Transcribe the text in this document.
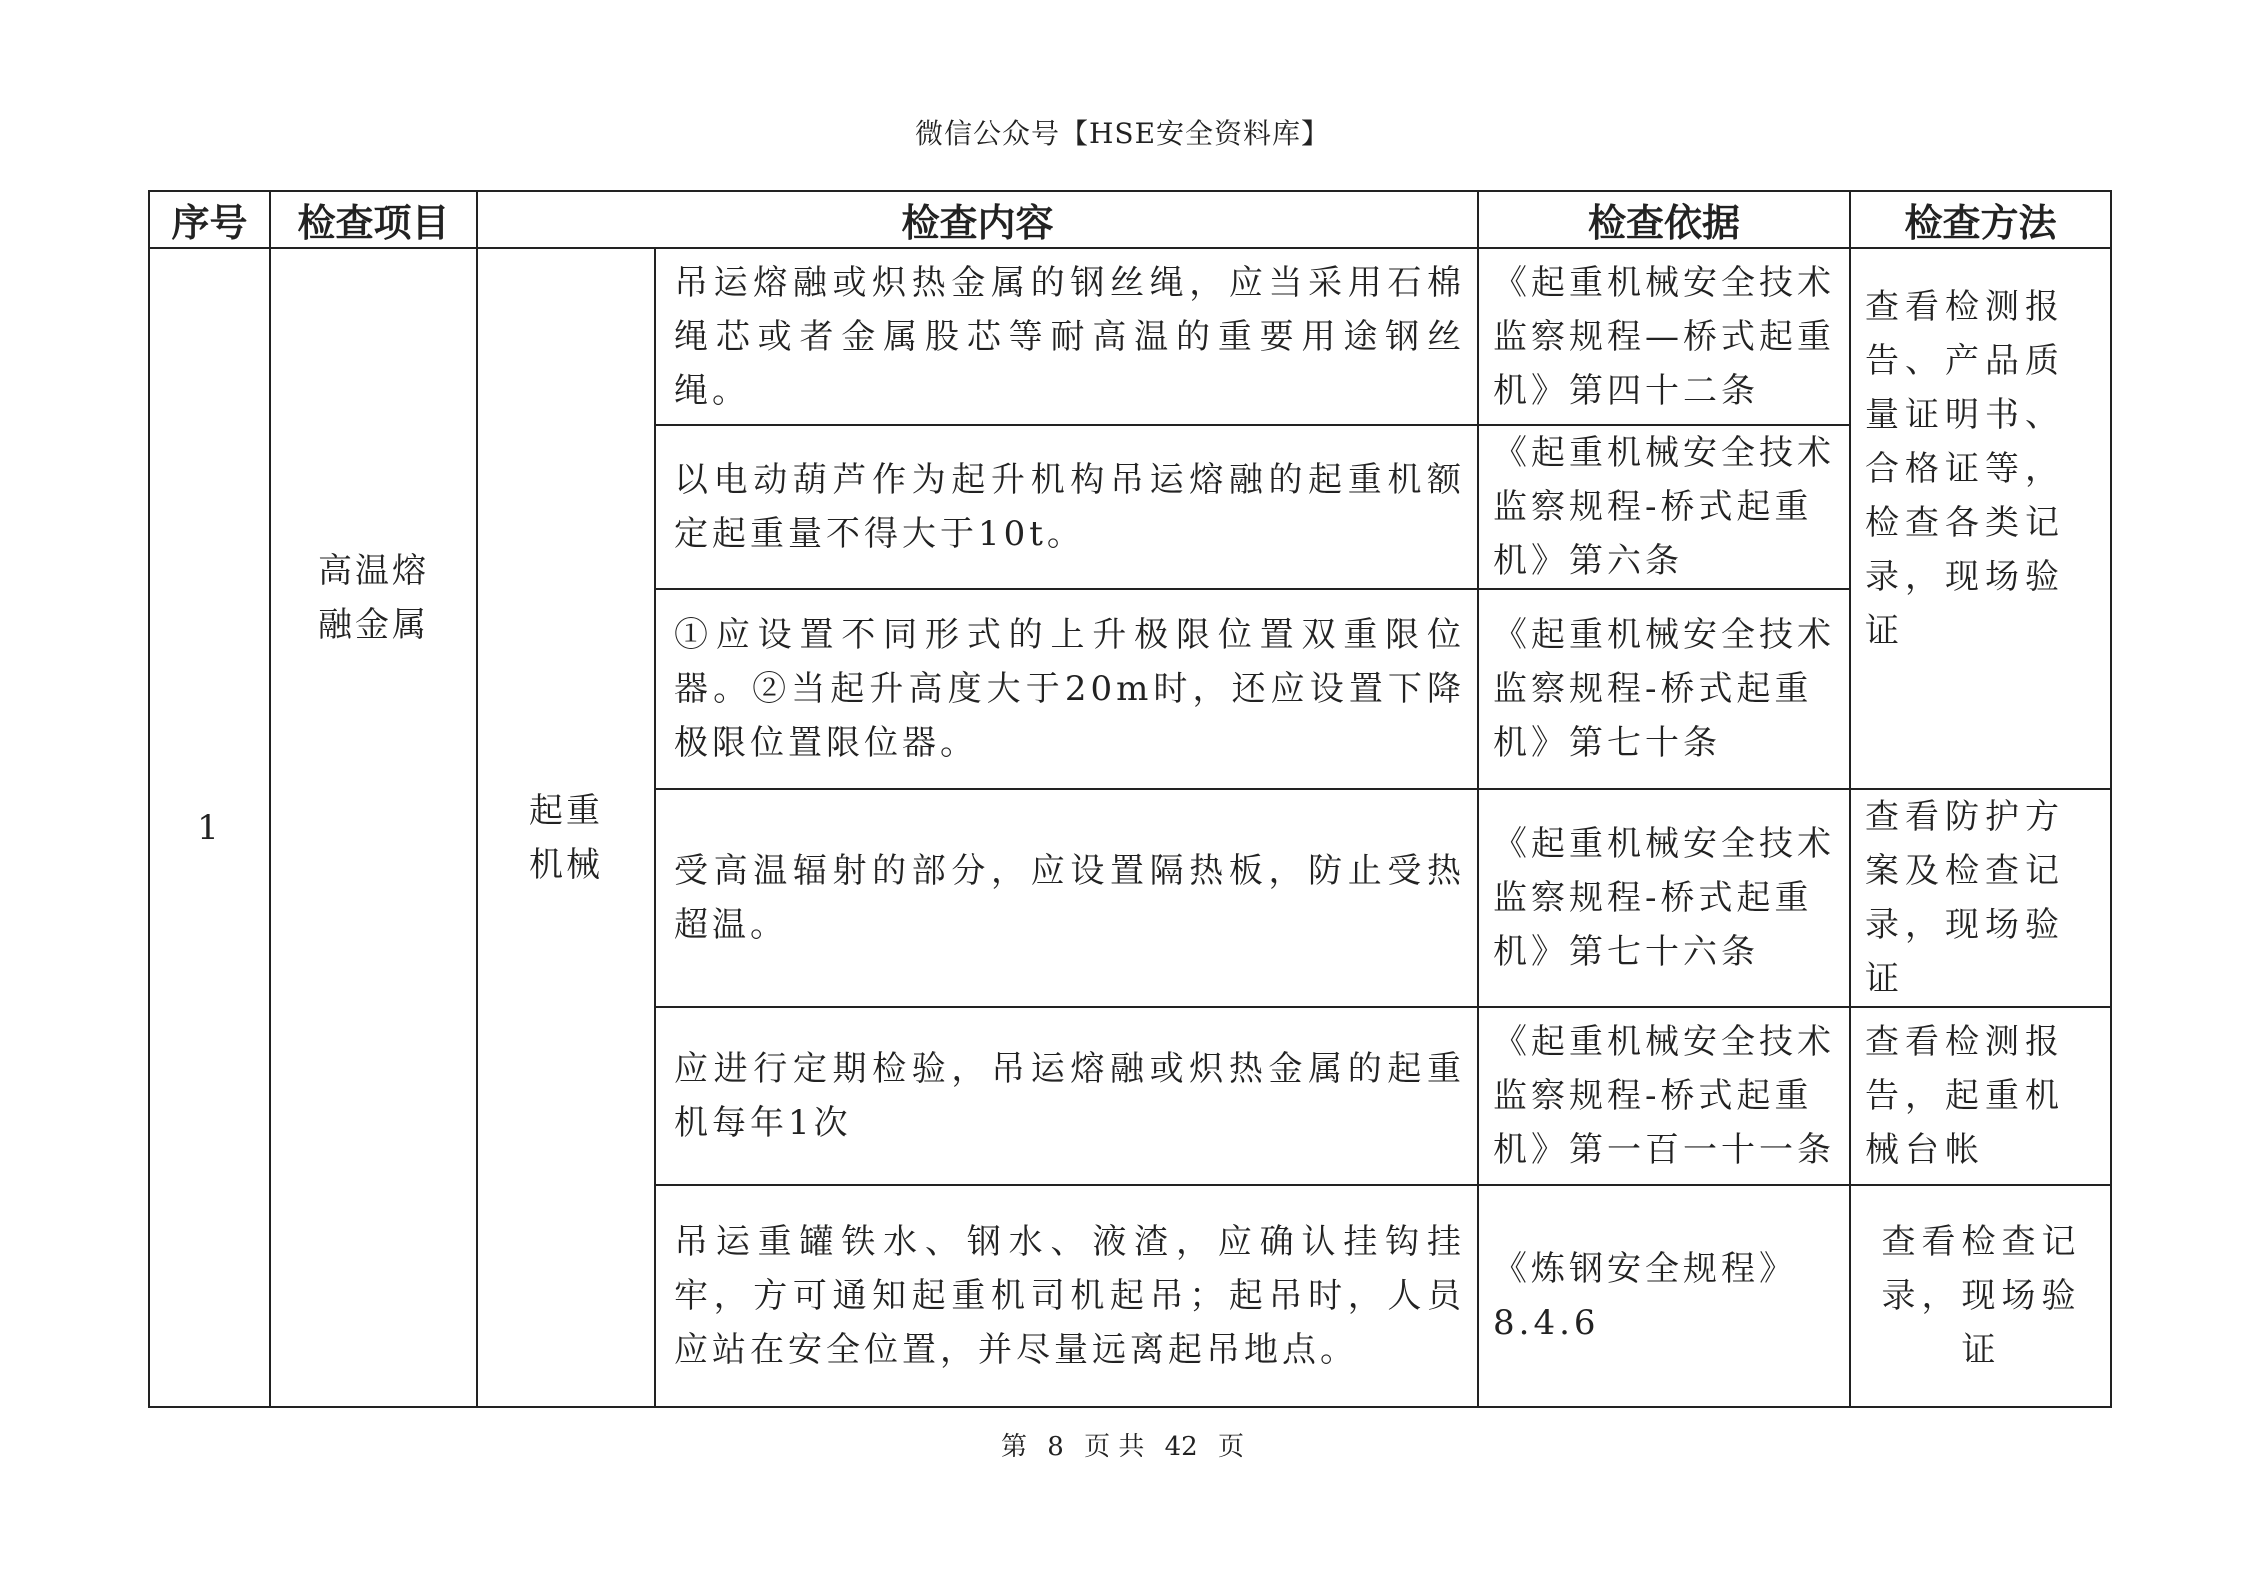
微信公众号【HSE安全资料库】
序号	检查项目	检查内容		检查依据	检查方法
1	高温熔融金属	起重机械	吊运熔融或炽热金属的钢丝绳，应当采用石棉绳芯或者金属股芯等耐高温的重要用途钢丝绳。	《起重机械安全技术监察规程—桥式起重机》第四十二条	查看检测报告、产品质量证明书、合格证等，检查各类记录，现场验证
			以电动葫芦作为起升机构吊运熔融的起重机额定起重量不得大于10t。	《起重机械安全技术监察规程-桥式起重机》第六条	
			①应设置不同形式的上升极限位置双重限位器。②当起升高度大于20m时，还应设置下降极限位置限位器。	《起重机械安全技术监察规程-桥式起重机》第七十条	
			受高温辐射的部分，应设置隔热板，防止受热超温。	《起重机械安全技术监察规程-桥式起重机》第七十六条	查看防护方案及检查记录，现场验证
			应进行定期检验，吊运熔融或炽热金属的起重机每年1次	《起重机械安全技术监察规程-桥式起重机》第一百一十一条	查看检测报告，起重机械台帐
			吊运重罐铁水、钢水、液渣，应确认挂钩挂牢，方可通知起重机司机起吊；起吊时，人员应站在安全位置，并尽量远离起吊地点。	《炼钢安全规程》8.4.6	查看检查记录，现场验证
第 8 页 共 42 页
